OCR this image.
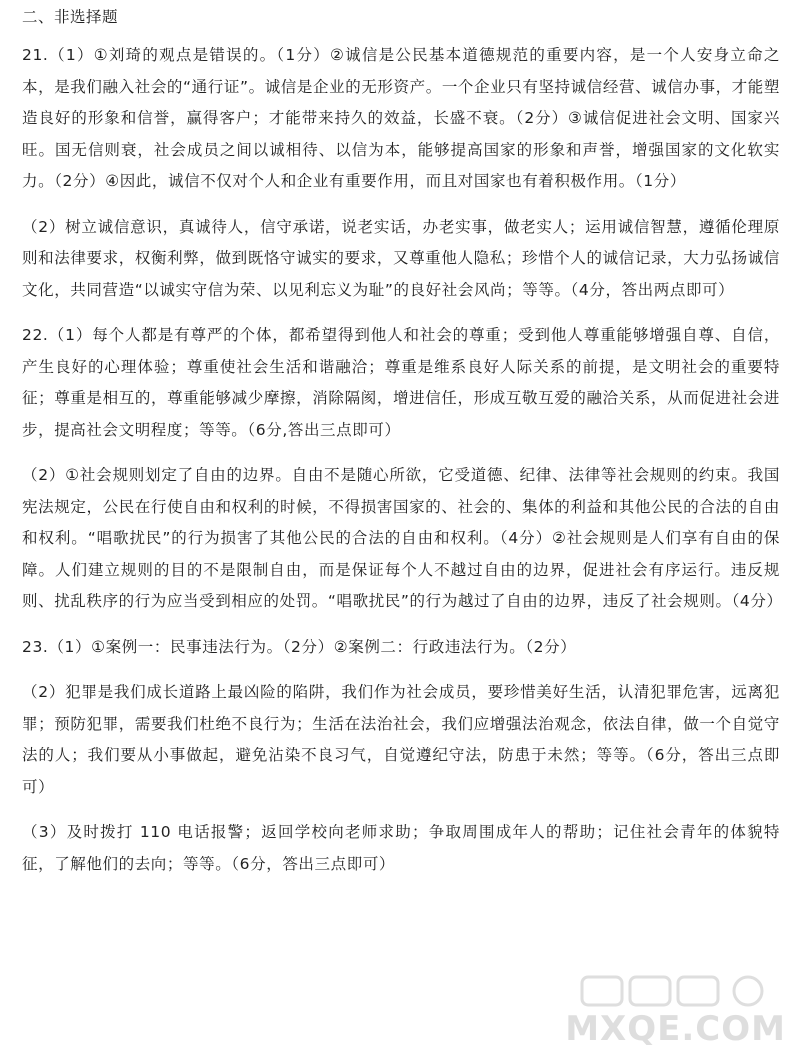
二、非选择题
21.（1）①刘琦的观点是错误的。（1分）②诚信是公民基本道德规范的重要内容，是一个人安身立命之本，是我们融入社会的“通行证”。诚信是企业的无形资产。一个企业只有坚持诚信经营、诚信办事，才能塑造良好的形象和信誉，赢得客户；才能带来持久的效益，长盛不衰。（2分）③诚信促进社会文明、国家兴旺。国无信则衰，社会成员之间以诚相待、以信为本，能够提高国家的形象和声誉，增强国家的文化软实力。（2分）④因此，诚信不仅对个人和企业有重要作用，而且对国家也有着积极作用。（1分）
（2）树立诚信意识，真诚待人，信守承诺，说老实话，办老实事，做老实人；运用诚信智慧，遵循伦理原则和法律要求，权衡利弊，做到既恪守诚实的要求，又尊重他人隐私；珍惜个人的诚信记录，大力弘扬诚信文化，共同营造“以诚实守信为荣、以见利忘义为耻”的良好社会风尚；等等。（4分，答出两点即可）
22.（1）每个人都是有尊严的个体，都希望得到他人和社会的尊重；受到他人尊重能够增强自尊、自信，产生良好的心理体验；尊重使社会生活和谐融洽；尊重是维系良好人际关系的前提，是文明社会的重要特征；尊重是相互的，尊重能够减少摩擦，消除隔阂，增进信任，形成互敬互爱的融洽关系，从而促进社会进步，提高社会文明程度；等等。（6分,答出三点即可）
（2）①社会规则划定了自由的边界。自由不是随心所欲，它受道德、纪律、法律等社会规则的约束。我国宪法规定，公民在行使自由和权利的时候，不得损害国家的、社会的、集体的利益和其他公民的合法的自由和权利。“唱歌扰民”的行为损害了其他公民的合法的自由和权利。（4分）②社会规则是人们享有自由的保障。人们建立规则的目的不是限制自由，而是保证每个人不越过自由的边界，促进社会有序运行。违反规则、扰乱秩序的行为应当受到相应的处罚。“唱歌扰民”的行为越过了自由的边界，违反了社会规则。（4分）
23.（1）①案例一：民事违法行为。（2分）②案例二：行政违法行为。（2分）
（2）犯罪是我们成长道路上最凶险的陷阱，我们作为社会成员，要珍惜美好生活，认清犯罪危害，远离犯罪；预防犯罪，需要我们杜绝不良行为；生活在法治社会，我们应增强法治观念，依法自律，做一个自觉守法的人；我们要从小事做起，避免沾染不良习气，自觉遵纪守法，防患于未然；等等。（6分，答出三点即可）
（3）及时拨打 110 电话报警；返回学校向老师求助；争取周围成年人的帮助；记住社会青年的体貌特征，了解他们的去向；等等。（6分，答出三点即可）
MXQE.COM
